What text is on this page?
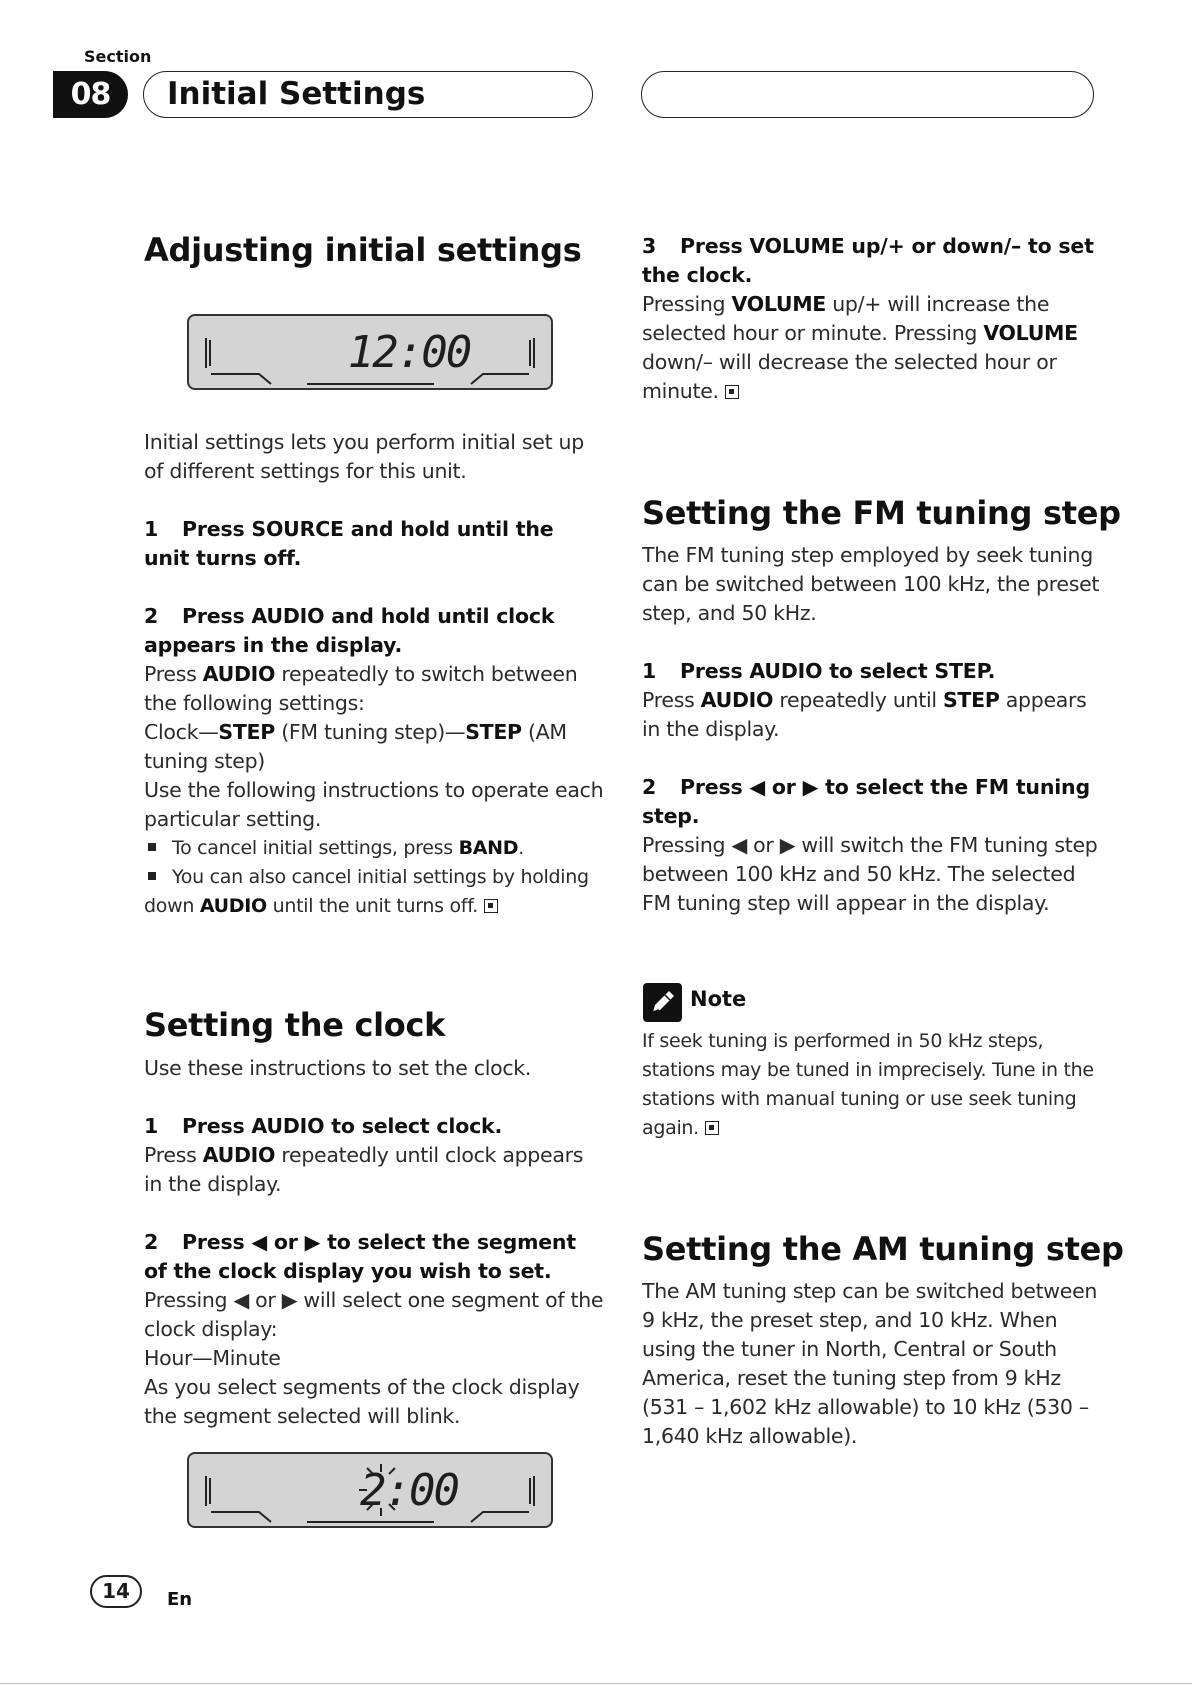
Section
08	Initial Settings
Adjusting initial settings
12:00

Initial settings lets you perform initial set up of different settings for this unit.

1 Press SOURCE and hold until the unit turns off.

2 Press AUDIO and hold until clock appears in the display.

Press AUDIO repeatedly to switch between the following settings:

Clock—STEP (FM tuning step)—STEP (AM tuning step)

Use the following instructions to operate each particular setting.

To cancel initial settings, press BAND.

You can also cancel initial settings by holding down AUDIO until the unit turns off.

Setting the clock

Use these instructions to set the clock.

1 Press AUDIO to select clock.

Press AUDIO repeatedly until clock appears in the display.

2 Press ◀ or ▶ to select the segment of the clock display you wish to set.

Pressing ◀ or ▶ will select one segment of the clock display:

Hour—Minute

As you select segments of the clock display the segment selected will blink.

2:00

3 Press VOLUME up/+ or down/– to set the clock.

Pressing VOLUME up/+ will increase the selected hour or minute. Pressing VOLUME down/– will decrease the selected hour or minute.

Setting the FM tuning step

The FM tuning step employed by seek tuning can be switched between 100 kHz, the preset step, and 50 kHz.

1 Press AUDIO to select STEP.

Press AUDIO repeatedly until STEP appears in the display.

2 Press ◀ or ▶ to select the FM tuning step.

Pressing ◀ or ▶ will switch the FM tuning step between 100 kHz and 50 kHz. The selected FM tuning step will appear in the display.

Note

If seek tuning is performed in 50 kHz steps, stations may be tuned in imprecisely. Tune in the stations with manual tuning or use seek tuning again.

Setting the AM tuning step

The AM tuning step can be switched between 9 kHz, the preset step, and 10 kHz. When using the tuner in North, Central or South America, reset the tuning step from 9 kHz (531 – 1,602 kHz allowable) to 10 kHz (530 – 1,640 kHz allowable).

14	En
